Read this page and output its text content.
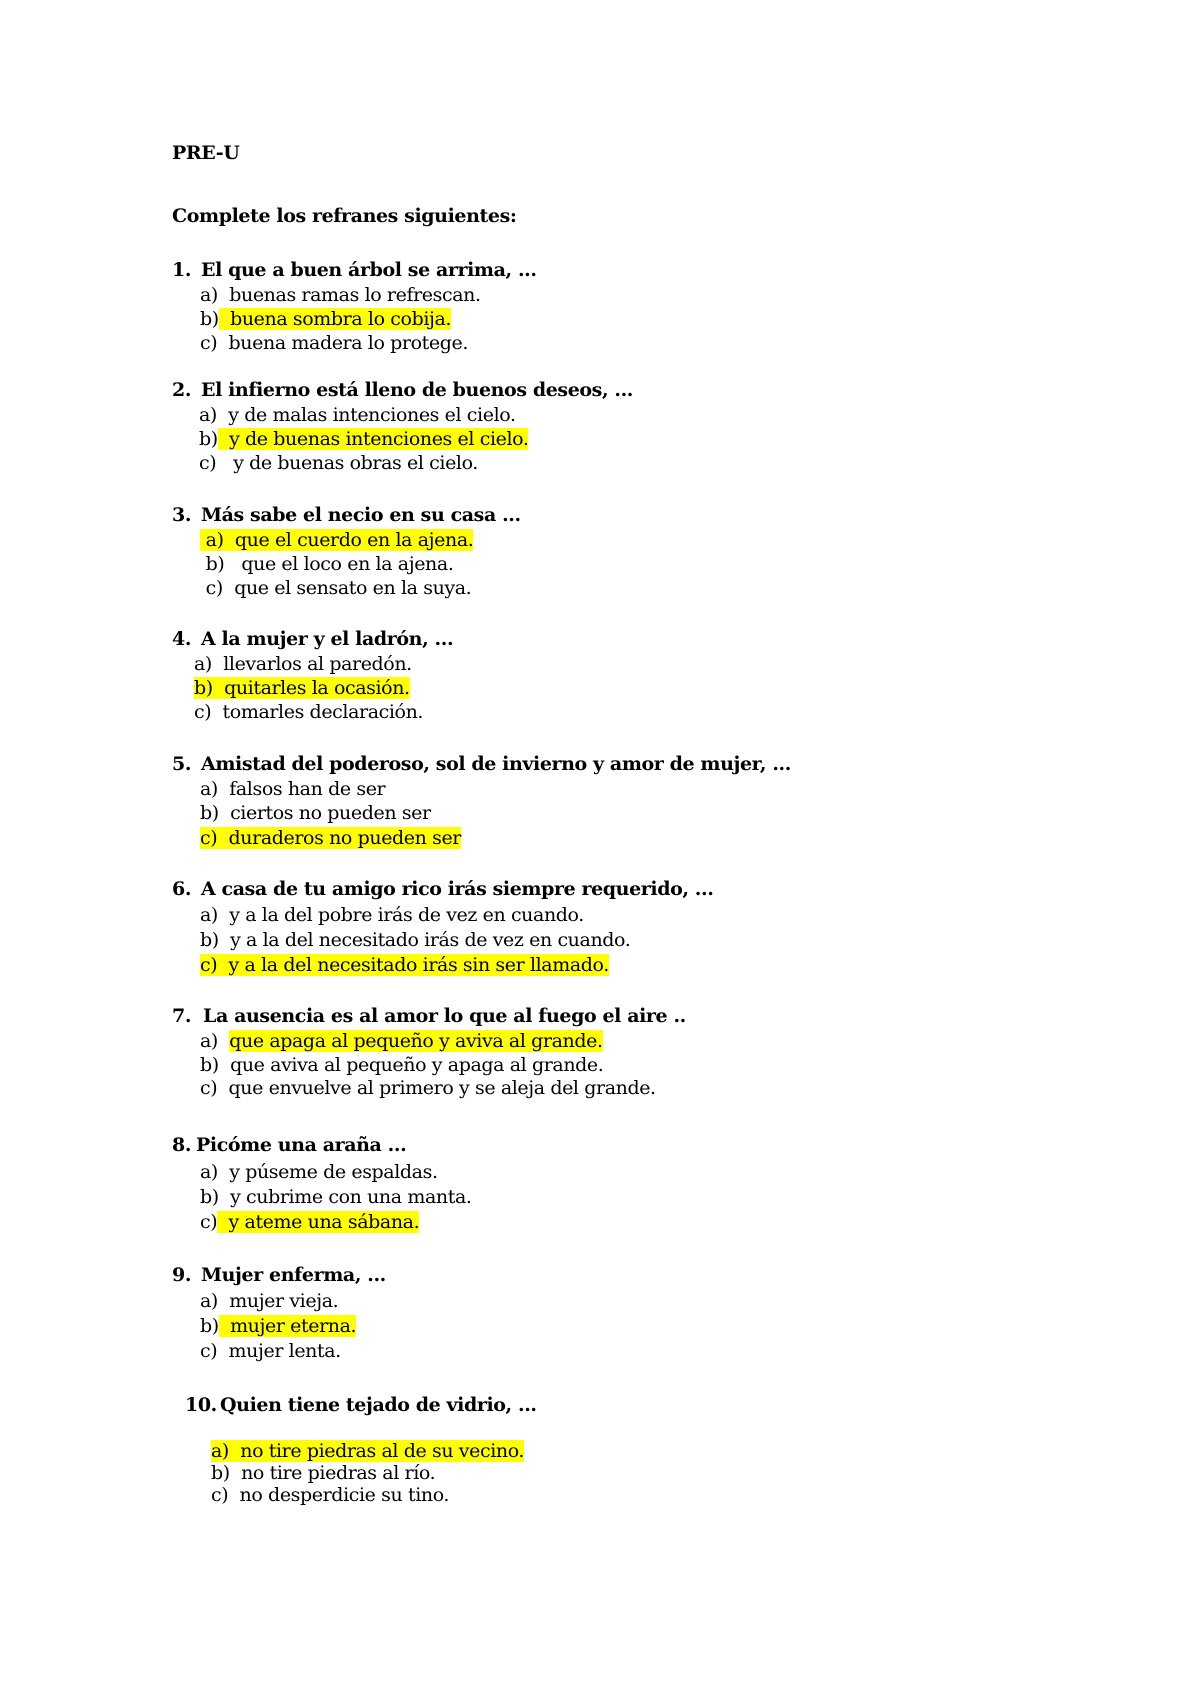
PRE-U
Complete los refranes siguientes:
1. El que a buen árbol se arrima, ...
a) buenas ramas lo refrescan.
b) buena sombra lo cobija.
c) buena madera lo protege.
2. El infierno está lleno de buenos deseos, ...
a) y de malas intenciones el cielo.
b) y de buenas intenciones el cielo.
c) y de buenas obras el cielo.
3. Más sabe el necio en su casa ...
a) que el cuerdo en la ajena.
b) que el loco en la ajena.
c) que el sensato en la suya.
4. A la mujer y el ladrón, ...
a) llevarlos al paredón.
b) quitarles la ocasión.
c) tomarles declaración.
5. Amistad del poderoso, sol de invierno y amor de mujer, ...
a) falsos han de ser
b) ciertos no pueden ser
c) duraderos no pueden ser
6. A casa de tu amigo rico irás siempre requerido, ...
a) y a la del pobre irás de vez en cuando.
b) y a la del necesitado irás de vez en cuando.
c) y a la del necesitado irás sin ser llamado.
7. La ausencia es al amor lo que al fuego el aire ..
a) que apaga al pequeño y aviva al grande.
b) que aviva al pequeño y apaga al grande.
c) que envuelve al primero y se aleja del grande.
8. Picóme una araña ...
a) y púseme de espaldas.
b) y cubrime con una manta.
c) y ateme una sábana.
9. Mujer enferma, ...
a) mujer vieja.
b) mujer eterna.
c) mujer lenta.
10. Quien tiene tejado de vidrio, ...
a) no tire piedras al de su vecino.
b) no tire piedras al río.
c) no desperdicie su tino.
